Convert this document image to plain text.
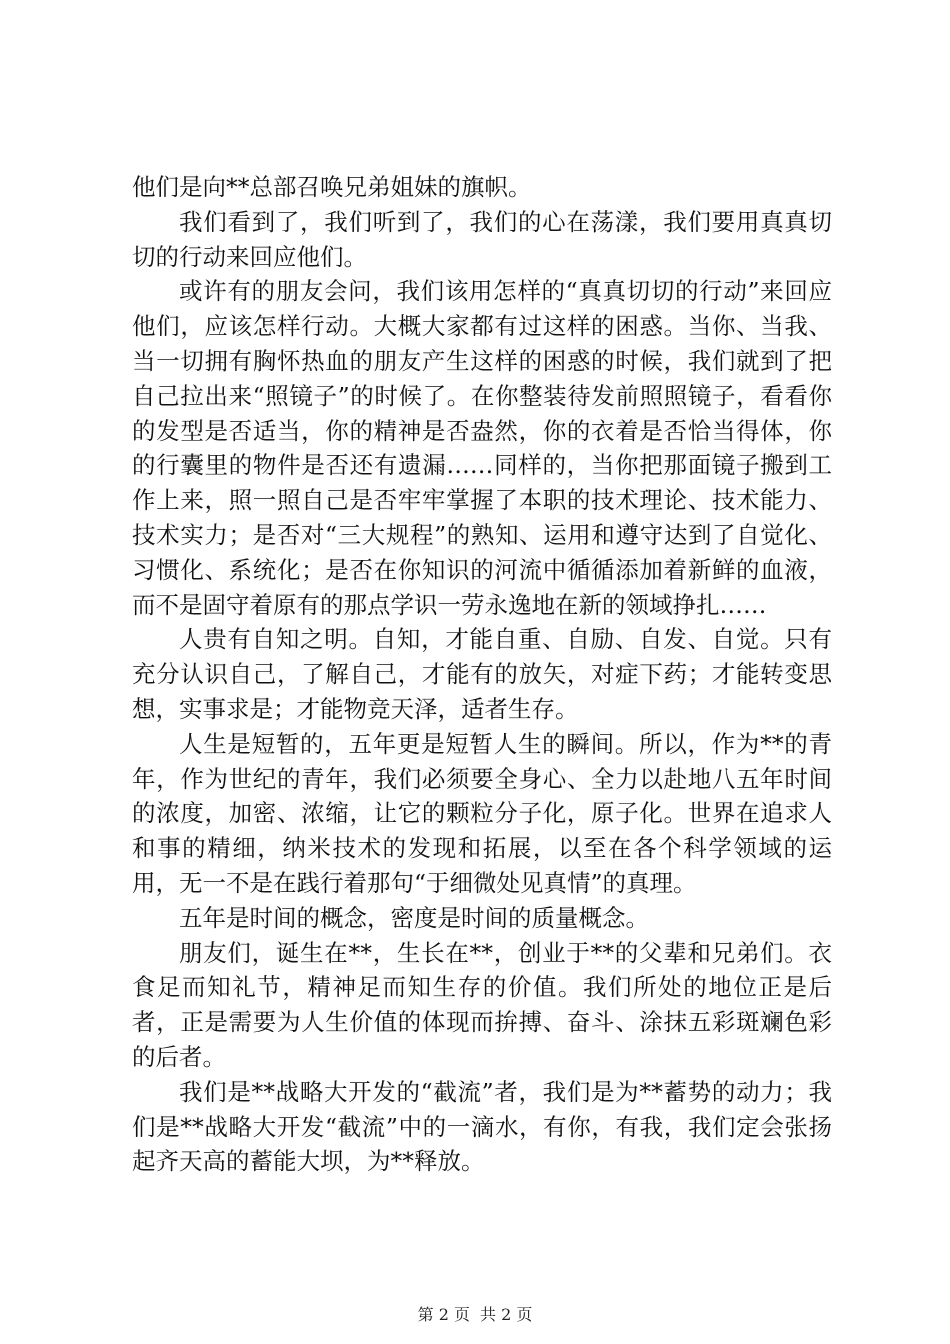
他们是向**总部召唤兄弟姐妹的旗帜。

我们看到了，我们听到了，我们的心在荡漾，我们要用真真切切的行动来回应他们。

或许有的朋友会问，我们该用怎样的“真真切切的行动”来回应他们，应该怎样行动。大概大家都有过这样的困惑。当你、当我、当一切拥有胸怀热血的朋友产生这样的困惑的时候，我们就到了把自己拉出来“照镜子”的时候了。在你整装待发前照照镜子，看看你的发型是否适当，你的精神是否盎然，你的衣着是否恰当得体，你的行囊里的物件是否还有遗漏……同样的，当你把那面镜子搬到工作上来，照一照自己是否牢牢掌握了本职的技术理论、技术能力、技术实力；是否对“三大规程”的熟知、运用和遵守达到了自觉化、习惯化、系统化；是否在你知识的河流中循循添加着新鲜的血液，而不是固守着原有的那点学识一劳永逸地在新的领域挣扎……

人贵有自知之明。自知，才能自重、自励、自发、自觉。只有充分认识自己，了解自己，才能有的放矢，对症下药；才能转变思想，实事求是；才能物竞天泽，适者生存。

人生是短暂的，五年更是短暂人生的瞬间。所以，作为**的青年，作为世纪的青年，我们必须要全身心、全力以赴地八五年时间的浓度，加密、浓缩，让它的颗粒分子化，原子化。世界在追求人和事的精细，纳米技术的发现和拓展，以至在各个科学领域的运用，无一不是在践行着那句“于细微处见真情”的真理。

五年是时间的概念，密度是时间的质量概念。

朋友们，诞生在**，生长在**，创业于**的父辈和兄弟们。衣食足而知礼节，精神足而知生存的价值。我们所处的地位正是后者，正是需要为人生价值的体现而拚搏、奋斗、涂抹五彩斑斓色彩的后者。

我们是**战略大开发的“截流”者，我们是为**蓄势的动力；我们是**战略大开发“截流”中的一滴水，有你，有我，我们定会张扬起齐天高的蓄能大坝，为**释放。

第 2 页 共 2 页
